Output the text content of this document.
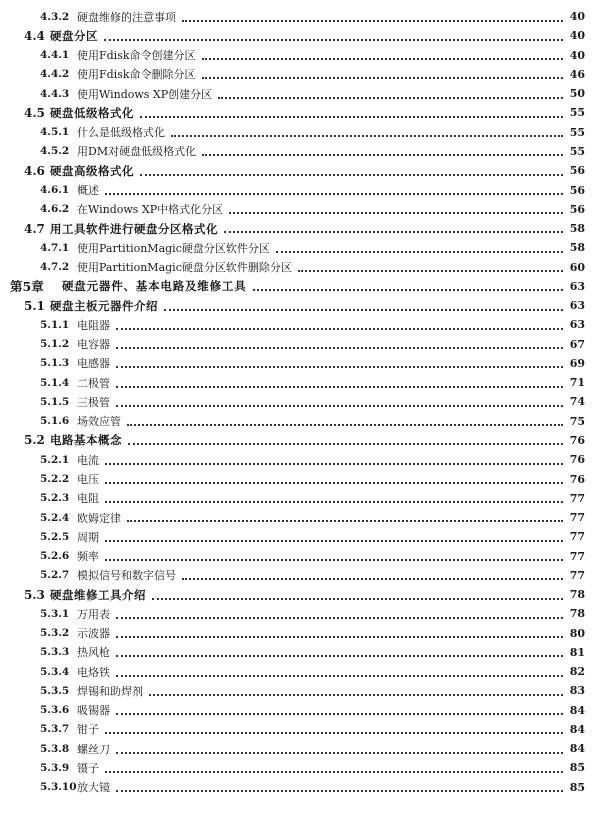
4.3.2 硬盘维修的注意事项	40
4.4 硬盘分区	40
4.4.1 使用Fdisk命令创建分区	40
4.4.2 使用Fdisk命令删除分区	46
4.4.3 使用Windows XP创建分区	50
4.5 硬盘低级格式化	55
4.5.1 什么是低级格式化	55
4.5.2 用DM对硬盘低级格式化	55
4.6 硬盘高级格式化	56
4.6.1 概述	56
4.6.2 在Windows XP中格式化分区	56
4.7 用工具软件进行硬盘分区格式化	58
4.7.1 使用PartitionMagic硬盘分区软件分区	58
4.7.2 使用PartitionMagic硬盘分区软件删除分区	60
第5章 硬盘元器件、基本电路及维修工具	63
5.1 硬盘主板元器件介绍	63
5.1.1 电阻器	63
5.1.2 电容器	67
5.1.3 电感器	69
5.1.4 二极管	71
5.1.5 三极管	74
5.1.6 场效应管	75
5.2 电路基本概念	76
5.2.1 电流	76
5.2.2 电压	76
5.2.3 电阻	77
5.2.4 欧姆定律	77
5.2.5 周期	77
5.2.6 频率	77
5.2.7 模拟信号和数字信号	77
5.3 硬盘维修工具介绍	78
5.3.1 万用表	78
5.3.2 示波器	80
5.3.3 热风枪	81
5.3.4 电烙铁	82
5.3.5 焊锡和助焊剂	83
5.3.6 吸锡器	84
5.3.7 钳子	84
5.3.8 螺丝刀	84
5.3.9 镊子	85
5.3.10 放大镜	85
